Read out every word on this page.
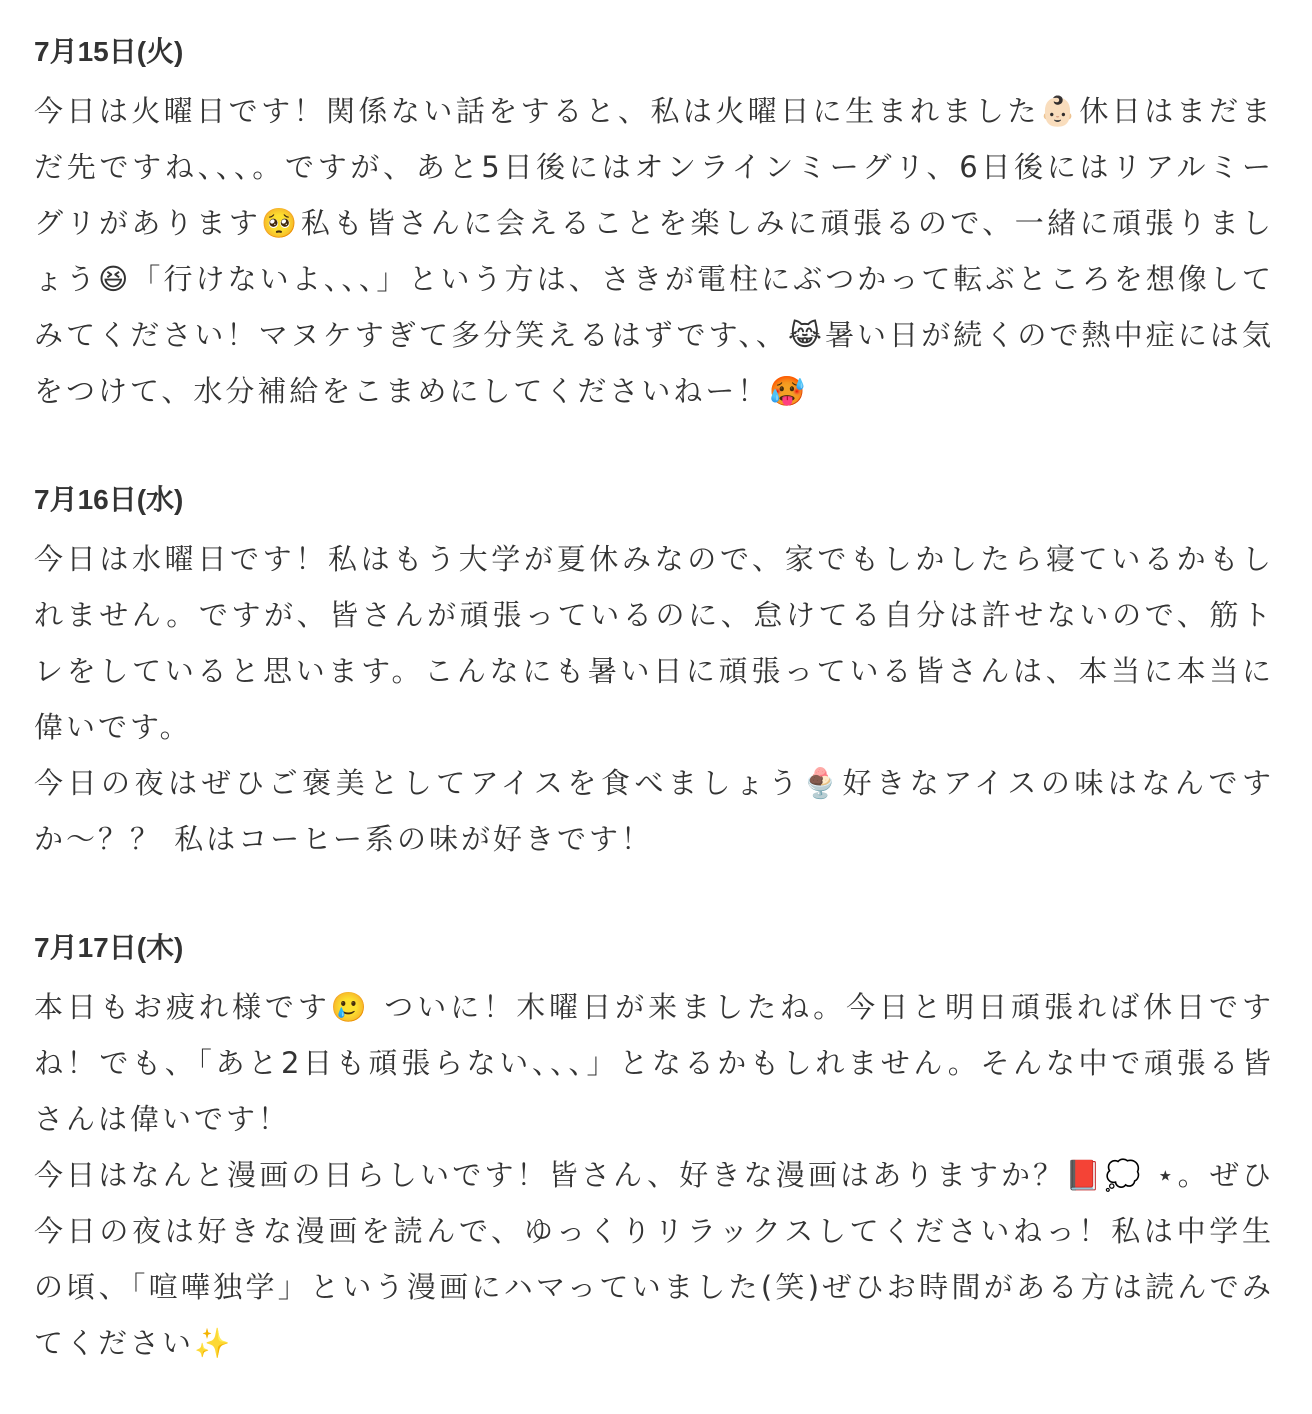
7月15日(火)
今日は火曜日です！関係ない話をすると、私は火曜日に生まれました👶🏻休日はまだまだ先ですね、、、。ですが、あと5日後にはオンラインミーグリ、6日後にはリアルミーグリがあります🥺私も皆さんに会えることを楽しみに頑張るので、一緒に頑張りましょう😆「行けないよ、、、」という方は、さきが電柱にぶつかって転ぶところを想像してみてください！マヌケすぎて多分笑えるはずです、、😹暑い日が続くので熱中症には気をつけて、水分補給をこまめにしてくださいねー！🥵
7月16日(水)
今日は水曜日です！私はもう大学が夏休みなので、家でもしかしたら寝ているかもしれません。ですが、皆さんが頑張っているのに、怠けてる自分は許せないので、筋トレをしていると思います。こんなにも暑い日に頑張っている皆さんは、本当に本当に偉いです。
今日の夜はぜひご褒美としてアイスを食べましょう🍨好きなアイスの味はなんですか〜？？ 私はコーヒー系の味が好きです！
7月17日(木)
本日もお疲れ様です🥲 ついに！木曜日が来ましたね。今日と明日頑張れば休日ですね！でも、「あと2日も頑張らない、、、」となるかもしれません。そんな中で頑張る皆さんは偉いです！
今日はなんと漫画の日らしいです！皆さん、好きな漫画はありますか？📕💭 ⋆。ぜひ今日の夜は好きな漫画を読んで、ゆっくりリラックスしてくださいねっ！私は中学生の頃、「喧嘩独学」という漫画にハマっていました(笑)ぜひお時間がある方は読んでみてください✨
